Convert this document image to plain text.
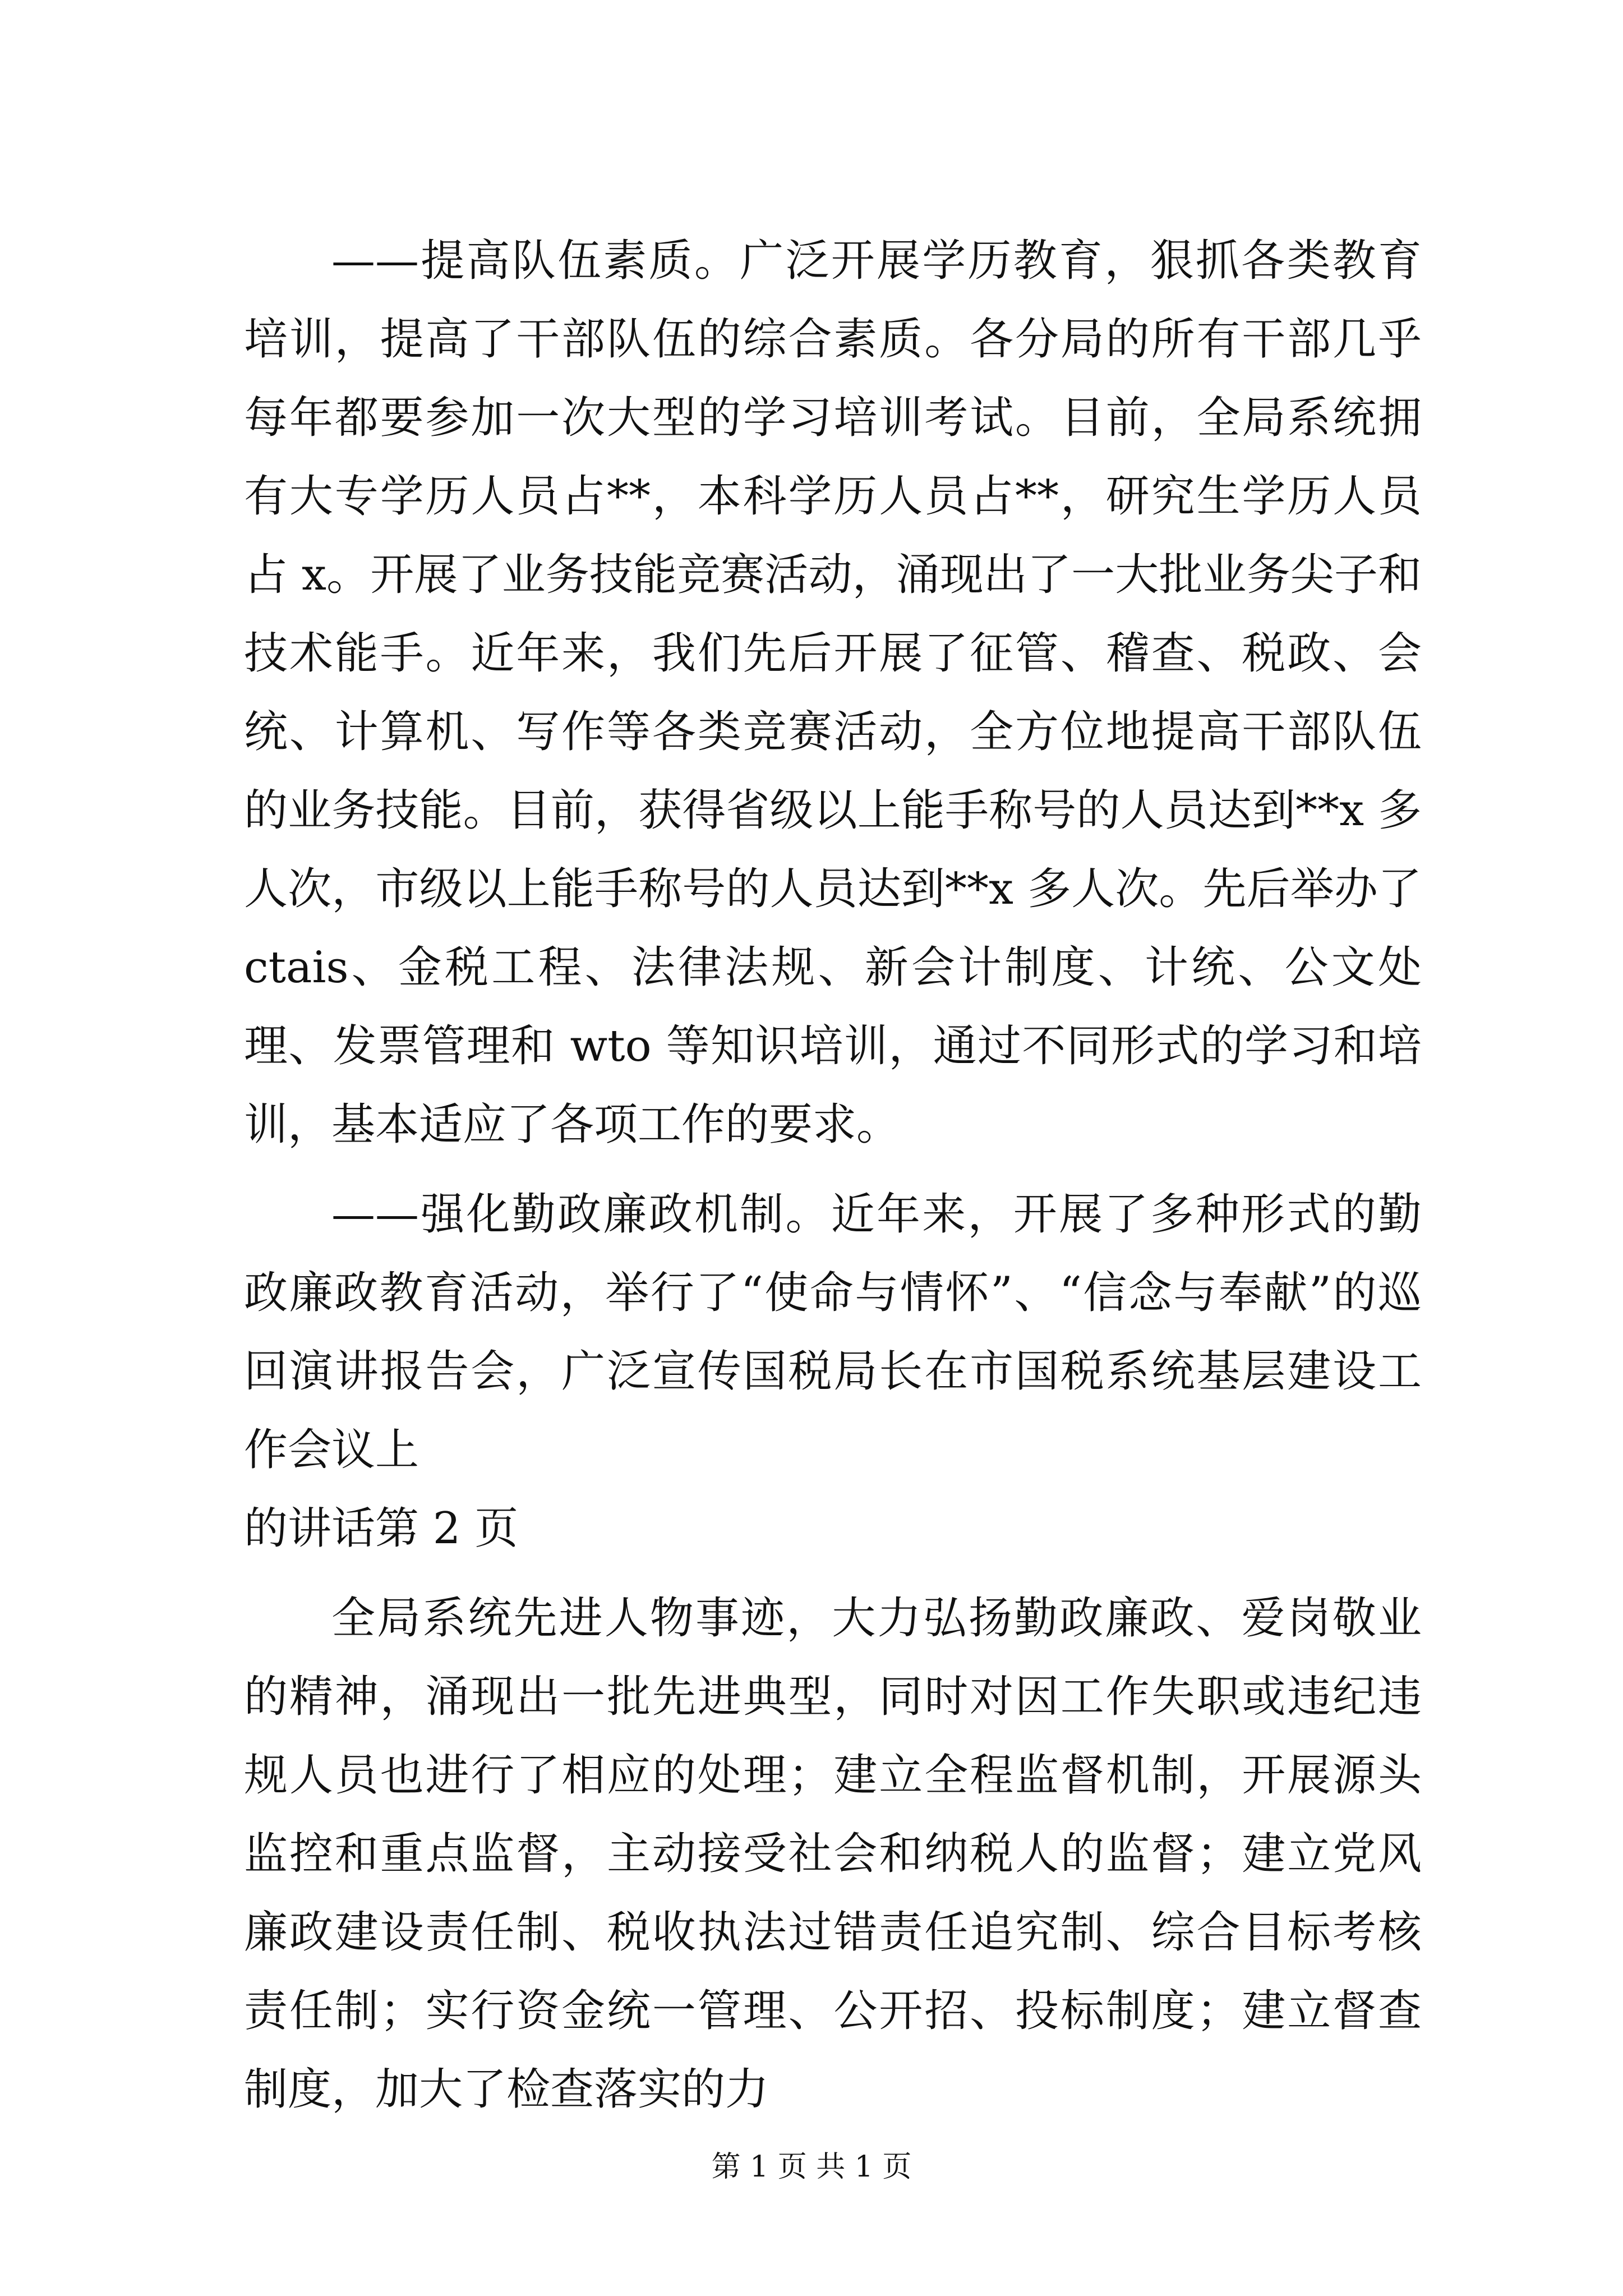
——提高队伍素质。广泛开展学历教育，狠抓各类教育培训，提高了干部队伍的综合素质。各分局的所有干部几乎每年都要参加一次大型的学习培训考试。目前，全局系统拥有大专学历人员占**，本科学历人员占**，研究生学历人员占 x。开展了业务技能竞赛活动，涌现出了一大批业务尖子和技术能手。近年来，我们先后开展了征管、稽查、税政、会统、计算机、写作等各类竞赛活动，全方位地提高干部队伍的业务技能。目前，获得省级以上能手称号的人员达到**x 多人次，市级以上能手称号的人员达到**x 多人次。先后举办了 ctais、金税工程、法律法规、新会计制度、计统、公文处理、发票管理和 wto 等知识培训，通过不同形式的学习和培训，基本适应了各项工作的要求。

——强化勤政廉政机制。近年来，开展了多种形式的勤政廉政教育活动，举行了“使命与情怀”、“信念与奉献”的巡回演讲报告会，广泛宣传国税局长在市国税系统基层建设工作会议上

的讲话第 2 页

全局系统先进人物事迹，大力弘扬勤政廉政、爱岗敬业的精神，涌现出一批先进典型，同时对因工作失职或违纪违规人员也进行了相应的处理；建立全程监督机制，开展源头监控和重点监督，主动接受社会和纳税人的监督；建立党风廉政建设责任制、税收执法过错责任追究制、综合目标考核责任制；实行资金统一管理、公开招、投标制度；建立督查制度，加大了检查落实的力

第 1 页 共 1 页
